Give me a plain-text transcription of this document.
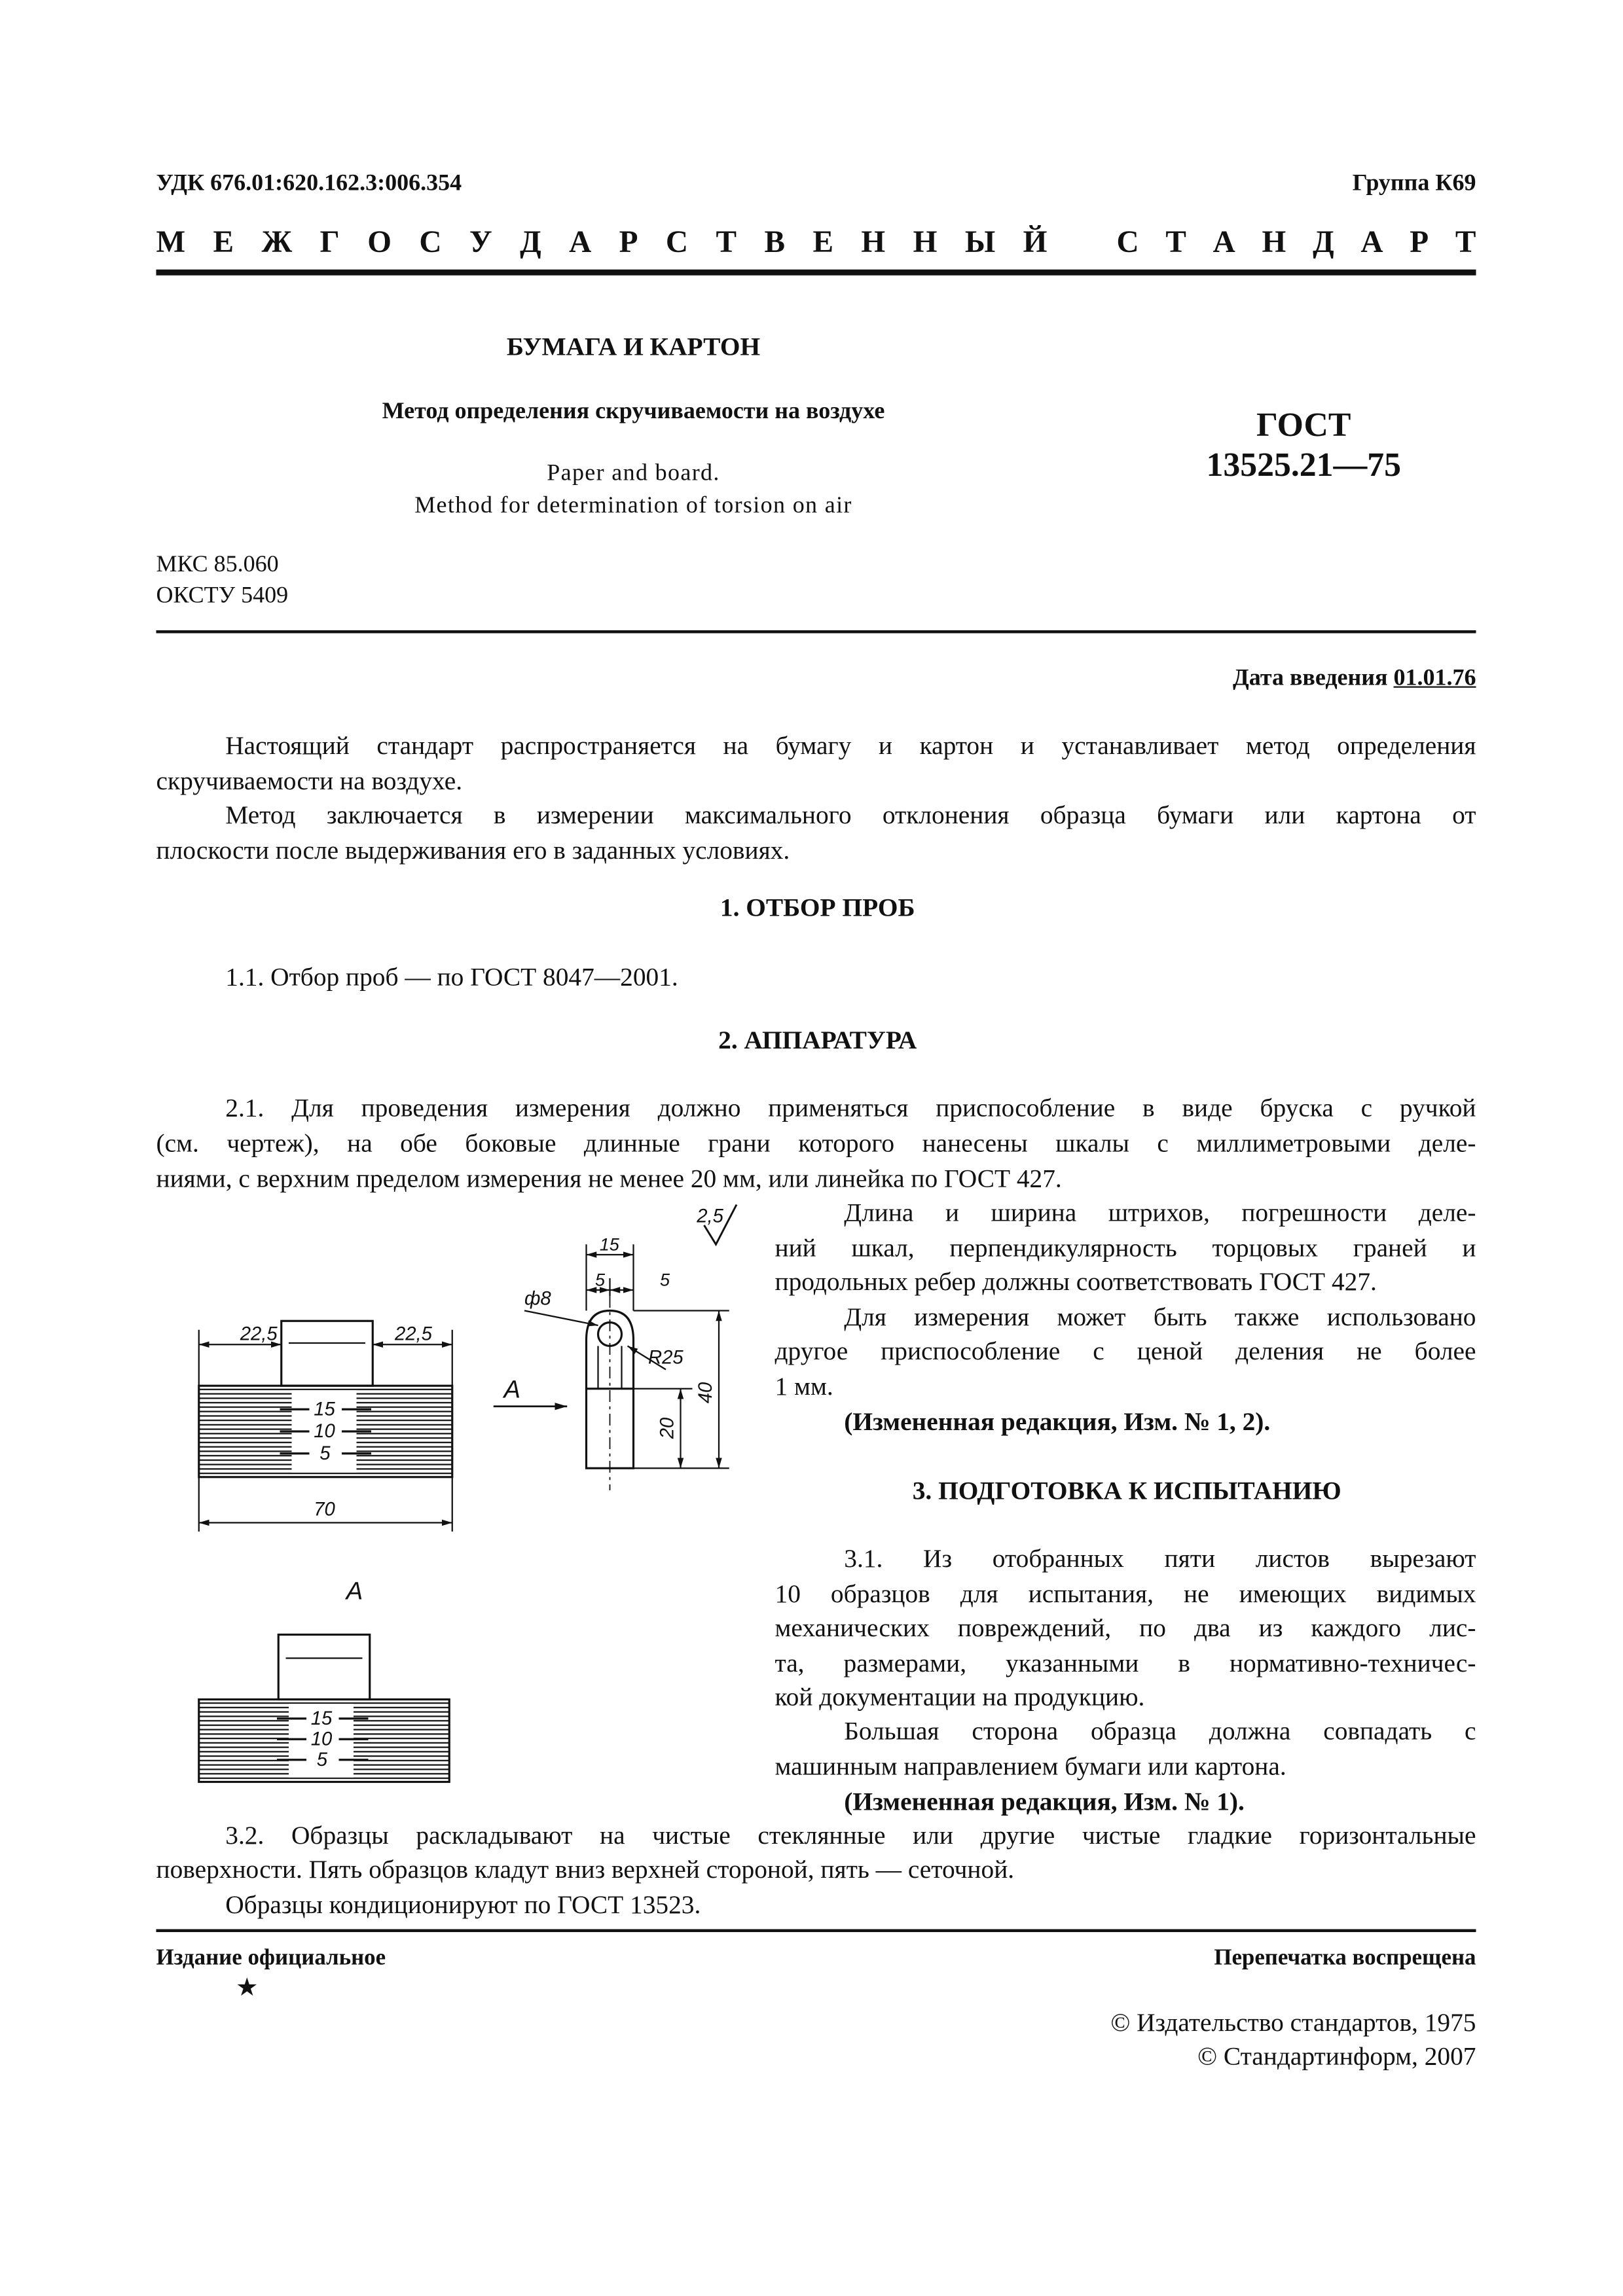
УДК 676.01:620.162.3:006.354	Группа К69
М Е Ж Г О С У Д А Р С Т В Е Н Н Ы Й	С Т А Н Д А Р Т
БУМАГА И КАРТОН
Метод определения скручиваемости на воздухе
Paper and board.
Method for determination of torsion on air
ГОСТ
13525.21—75
МКС 85.060
ОКСТУ 5409
Дата введения 01.01.76
Настоящий стандарт распространяется на бумагу и картон и устанавливает метод определения
скручиваемости на воздухе.
Метод заключается в измерении максимального отклонения образца бумаги или картона от
плоскости после выдерживания его в заданных условиях.
1. ОТБОР ПРОБ
1.1. Отбор проб — по ГОСТ 8047—2001.
2. АППАРАТУРА
2.1. Для проведения измерения должно применяться приспособление в виде бруска с ручкой
(см. чертеж), на обе боковые длинные грани которого нанесены шкалы с миллиметровыми деле-
ниями, с верхним пределом измерения не менее 20 мм, или линейка по ГОСТ 427.
Длина и ширина штрихов, погрешности деле-
ний шкал, перпендикулярность торцовых граней и
продольных ребер должны соответствовать ГОСТ 427.
Для измерения может быть также использовано
другое приспособление с ценой деления не более
1 мм.
(Измененная редакция, Изм. № 1, 2).
3. ПОДГОТОВКА К ИСПЫТАНИЮ
3.1. Из отобранных пяти листов вырезают
10 образцов для испытания, не имеющих видимых
механических повреждений, по два из каждого лис-
та, размерами, указанными в нормативно-техничес-
кой документации на продукцию.
Большая сторона образца должна совпадать с
машинным направлением бумаги или картона.
(Измененная редакция, Изм. № 1).
3.2. Образцы раскладывают на чистые стеклянные или другие чистые гладкие горизонтальные
поверхности. Пять образцов кладут вниз верхней стороной, пять — сеточной.
Образцы кондиционируют по ГОСТ 13523.
Издание официальное
★
Перепечатка воспрещена
© Издательство стандартов, 1975
© Стандартинформ, 2007
22,5	22,5
70
15
10
5
А
15
10
5
15
5	5
ф8
R25
20
40
А
2,5
